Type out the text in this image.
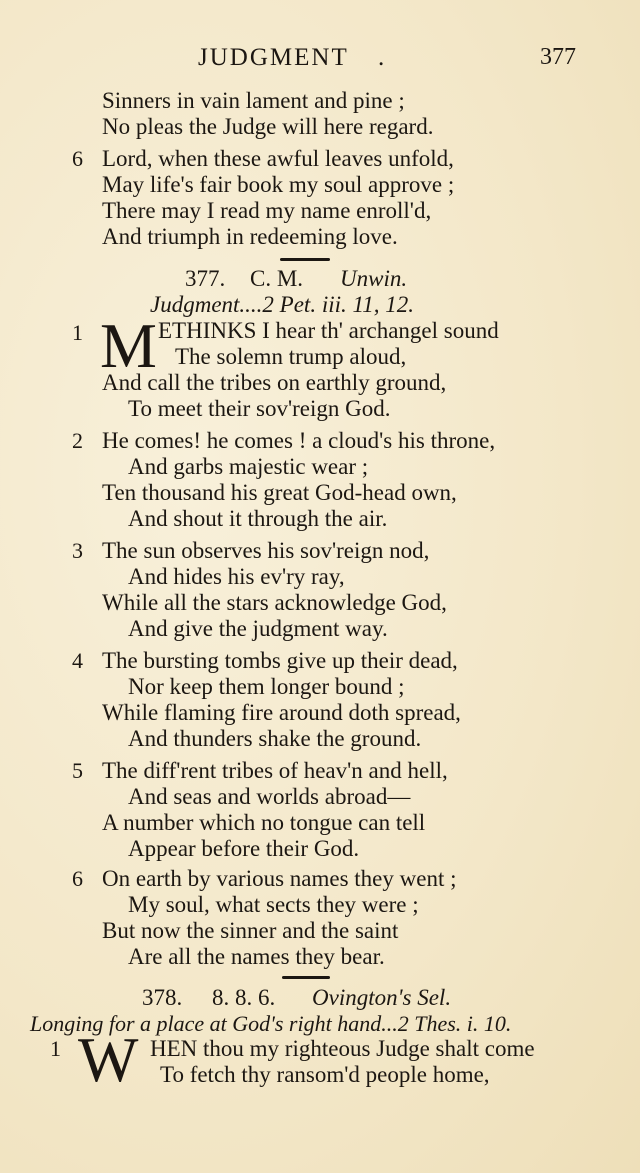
JUDGMENT .	377
Sinners in vain lament and pine ;
No pleas the Judge will here regard.
6 Lord, when these awful leaves unfold,
May life's fair book my soul approve ;
There may I read my name enroll'd,
And triumph in redeeming love.
377. C. M. Unwin.
Judgment....2 Pet. iii. 11, 12.
1 M ETHINKS I hear th' archangel sound
The solemn trump aloud,
And call the tribes on earthly ground,
To meet their sov'reign God.
2 He comes! he comes ! a cloud's his throne,
And garbs majestic wear ;
Ten thousand his great God-head own,
And shout it through the air.
3 The sun observes his sov'reign nod,
And hides his ev'ry ray,
While all the stars acknowledge God,
And give the judgment way.
4 The bursting tombs give up their dead,
Nor keep them longer bound ;
While flaming fire around doth spread,
And thunders shake the ground.
5 The diff'rent tribes of heav'n and hell,
And seas and worlds abroad—
A number which no tongue can tell
Appear before their God.
6 On earth by various names they went ;
My soul, what sects they were ;
But now the sinner and the saint
Are all the names they bear.
378. 8. 8. 6. Ovington's Sel.
Longing for a place at God's right hand...2 Thes. i. 10.
1 W HEN thou my righteous Judge shalt come
To fetch thy ransom'd people home,
